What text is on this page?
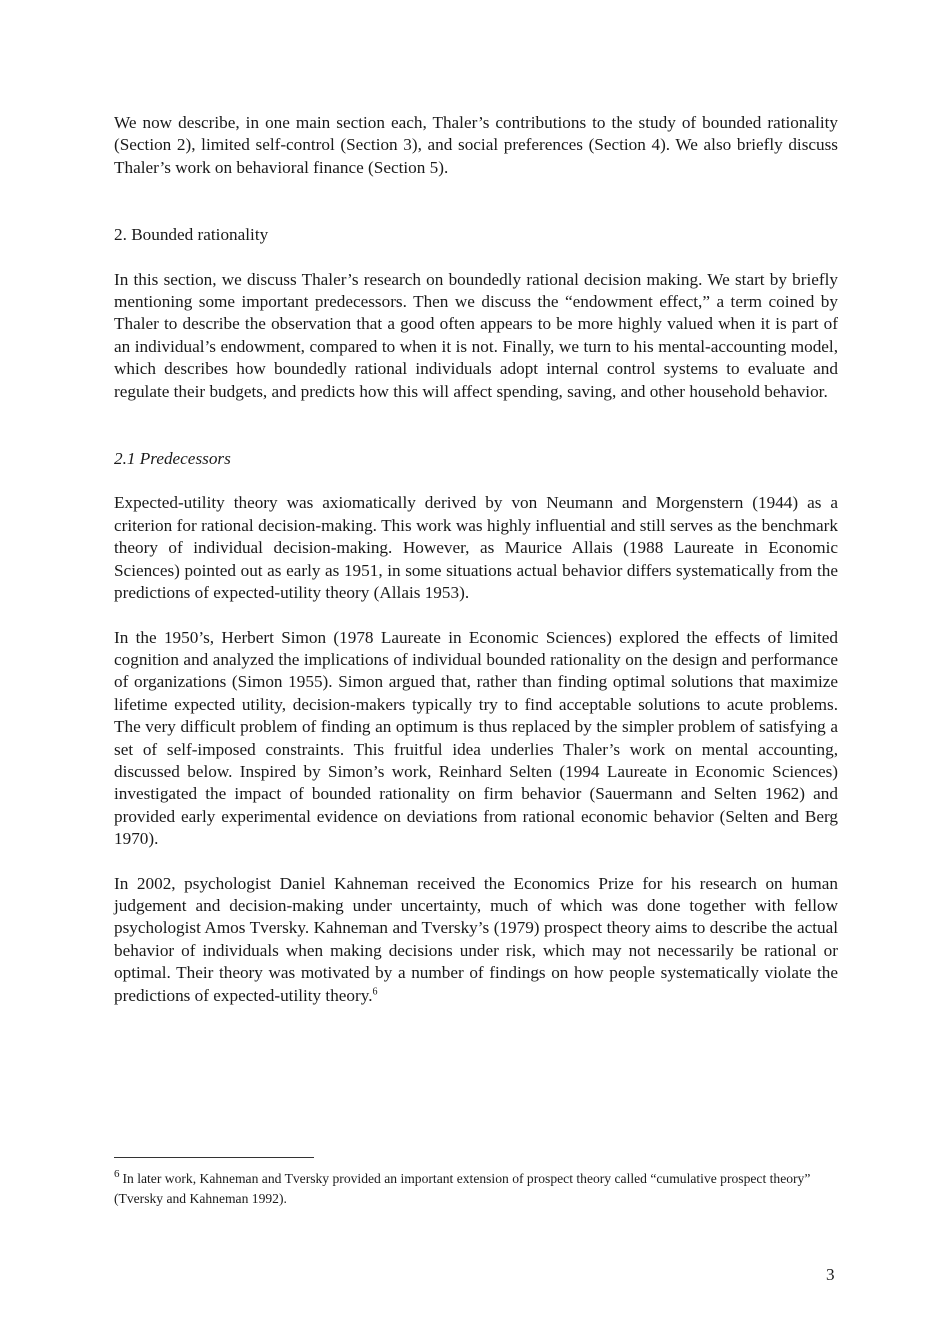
We now describe, in one main section each, Thaler’s contributions to the study of bounded rationality (Section 2), limited self-control (Section 3), and social preferences (Section 4). We also briefly discuss Thaler’s work on behavioral finance (Section 5).

2. Bounded rationality

In this section, we discuss Thaler’s research on boundedly rational decision making. We start by briefly mentioning some important predecessors. Then we discuss the “endowment effect,” a term coined by Thaler to describe the observation that a good often appears to be more highly valued when it is part of an individual’s endowment, compared to when it is not. Finally, we turn to his mental-accounting model, which describes how boundedly rational individuals adopt internal control systems to evaluate and regulate their budgets, and predicts how this will affect spending, saving, and other household behavior.

2.1 Predecessors

Expected-utility theory was axiomatically derived by von Neumann and Morgenstern (1944) as a criterion for rational decision-making. This work was highly influential and still serves as the benchmark theory of individual decision-making. However, as Maurice Allais (1988 Laureate in Economic Sciences) pointed out as early as 1951, in some situations actual behavior differs systematically from the predictions of expected-utility theory (Allais 1953).

In the 1950’s, Herbert Simon (1978 Laureate in Economic Sciences) explored the effects of limited cognition and analyzed the implications of individual bounded rationality on the design and performance of organizations (Simon 1955). Simon argued that, rather than finding optimal solutions that maximize lifetime expected utility, decision-makers typically try to find acceptable solutions to acute problems. The very difficult problem of finding an optimum is thus replaced by the simpler problem of satisfying a set of self-imposed constraints. This fruitful idea underlies Thaler’s work on mental accounting, discussed below. Inspired by Simon’s work, Reinhard Selten (1994 Laureate in Economic Sciences) investigated the impact of bounded rationality on firm behavior (Sauermann and Selten 1962) and provided early experimental evidence on deviations from rational economic behavior (Selten and Berg 1970).

In 2002, psychologist Daniel Kahneman received the Economics Prize for his research on human judgement and decision-making under uncertainty, much of which was done together with fellow psychologist Amos Tversky. Kahneman and Tversky’s (1979) prospect theory aims to describe the actual behavior of individuals when making decisions under risk, which may not necessarily be rational or optimal. Their theory was motivated by a number of findings on how people systematically violate the predictions of expected-utility theory.$^6$

$^6$ In later work, Kahneman and Tversky provided an important extension of prospect theory called “cumulative prospect theory” (Tversky and Kahneman 1992).
3
